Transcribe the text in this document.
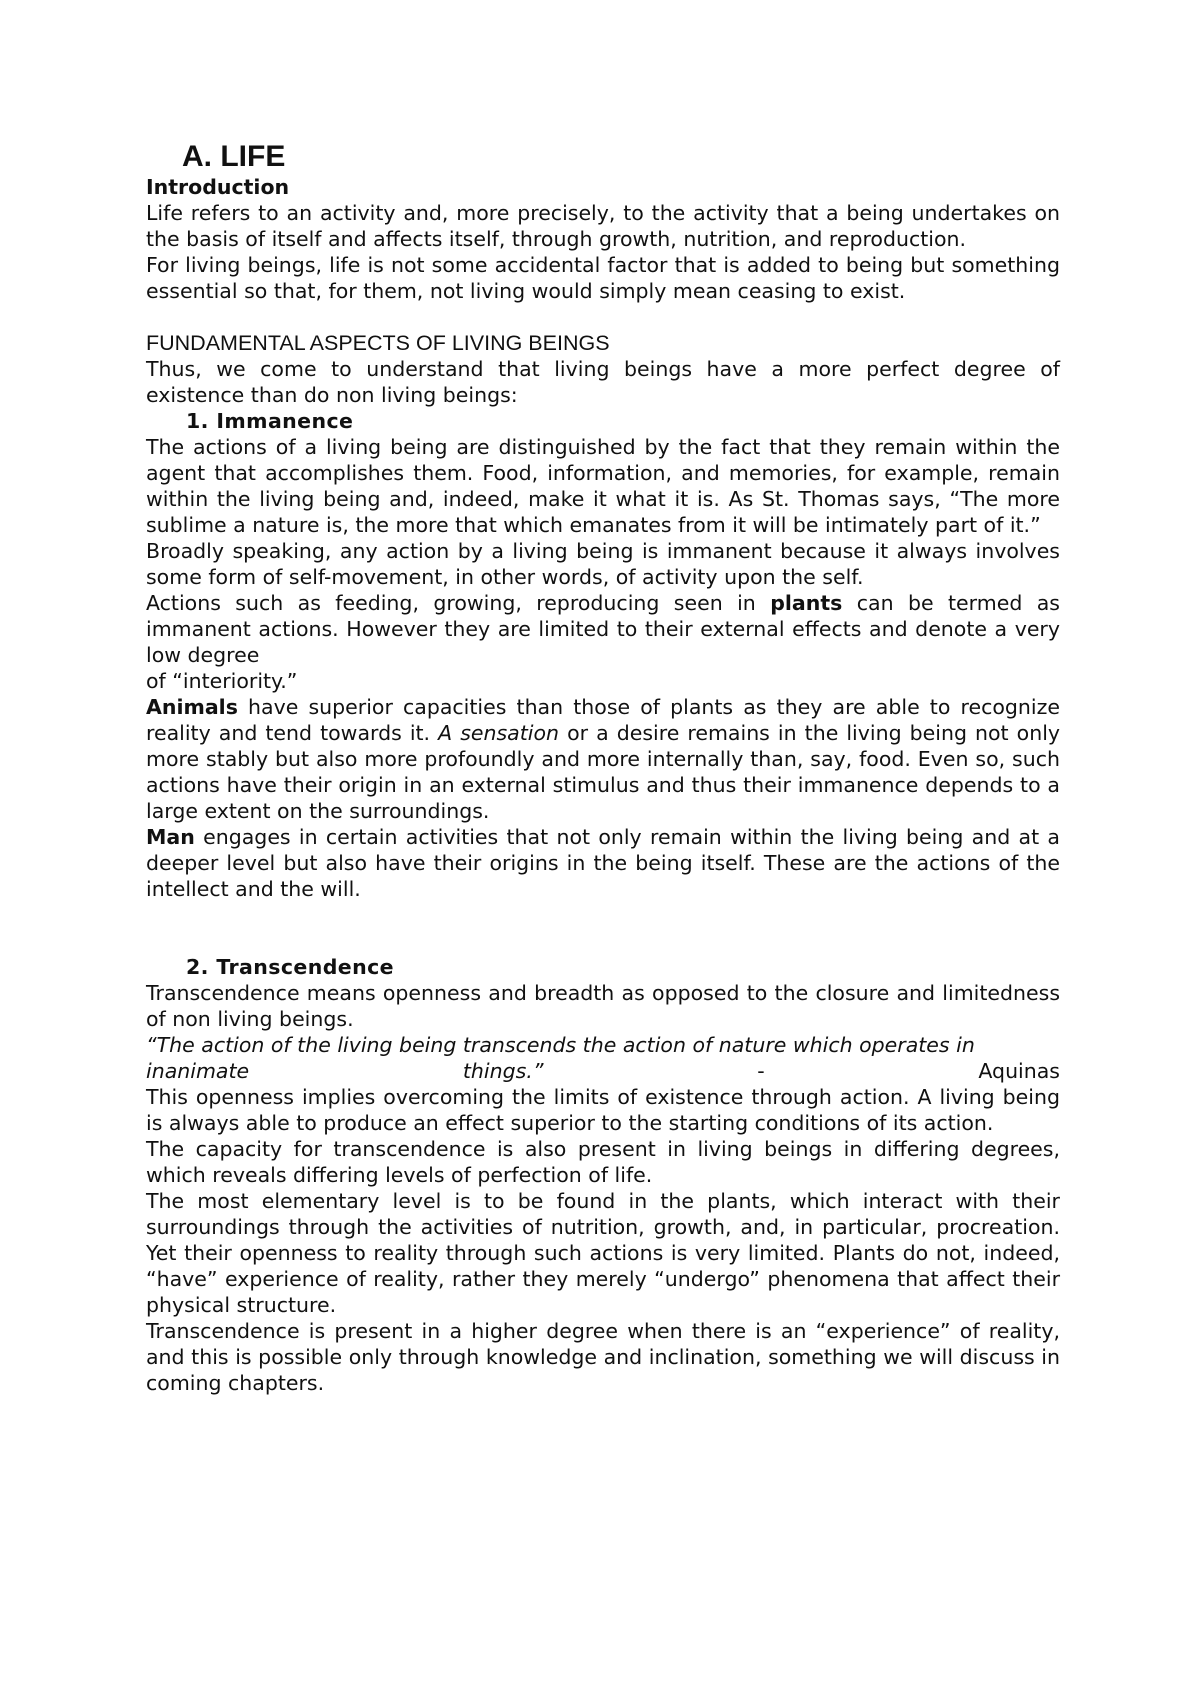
A. LIFE
Introduction

Life refers to an activity and, more precisely, to the activity that a being undertakes on the basis of itself and affects itself, through growth, nutrition, and reproduction.

For living beings, life is not some accidental factor that is added to being but something essential so that, for them, not living would simply mean ceasing to exist.

FUNDAMENTAL ASPECTS OF LIVING BEINGS

Thus, we come to understand that living beings have a more perfect degree of existence than do non living beings:

1. Immanence

The actions of a living being are distinguished by the fact that they remain within the agent that accomplishes them. Food, information, and memories, for example, remain within the living being and, indeed, make it what it is. As St. Thomas says, “The more sublime a nature is, the more that which emanates from it will be intimately part of it.”

Broadly speaking, any action by a living being is immanent because it always involves some form of self-movement, in other words, of activity upon the self.

Actions such as feeding, growing, reproducing seen in plants can be termed as immanent actions. However they are limited to their external effects and denote a very low degree

of “interiority.”

Animals have superior capacities than those of plants as they are able to recognize reality and tend towards it. A sensation or a desire remains in the living being not only more stably but also more profoundly and more internally than, say, food. Even so, such actions have their origin in an external stimulus and thus their immanence depends to a large extent on the surroundings.

Man engages in certain activities that not only remain within the living being and at a deeper level but also have their origins in the being itself. These are the actions of the intellect and the will.

2. Transcendence

Transcendence means openness and breadth as opposed to the closure and limitedness of non living beings.

“The action of the living being transcends the action of nature which operates in

inanimate	things.”	-	Aquinas

This openness implies overcoming the limits of existence through action. A living being is always able to produce an effect superior to the starting conditions of its action.

The capacity for transcendence is also present in living beings in differing degrees, which reveals differing levels of perfection of life.

The most elementary level is to be found in the plants, which interact with their surroundings through the activities of nutrition, growth, and, in particular, procreation. Yet their openness to reality through such actions is very limited. Plants do not, indeed, “have” experience of reality, rather they merely “undergo” phenomena that affect their physical structure.

Transcendence is present in a higher degree when there is an “experience” of reality, and this is possible only through knowledge and inclination, something we will discuss in coming chapters.
